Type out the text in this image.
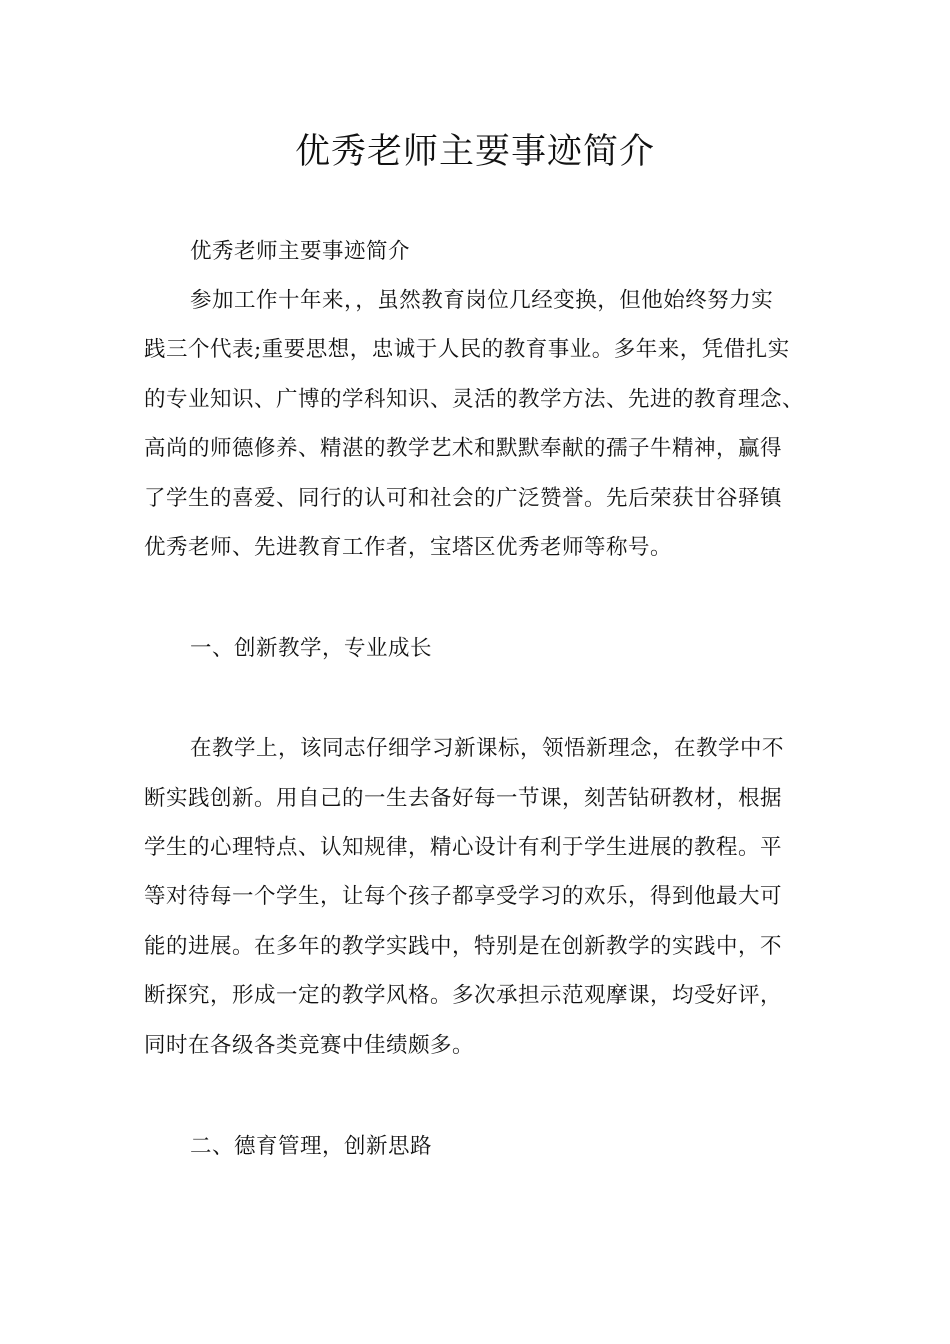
优秀老师主要事迹简介

优秀老师主要事迹简介

参加工作十年来，，虽然教育岗位几经变换，但他始终努力实

践三个代表;重要思想，忠诚于人民的教育事业。多年来，凭借扎实

的专业知识、广博的学科知识、灵活的教学方法、先进的教育理念、

高尚的师德修养、精湛的教学艺术和默默奉献的孺子牛精神，赢得

了学生的喜爱、同行的认可和社会的广泛赞誉。先后荣获甘谷驿镇

优秀老师、先进教育工作者，宝塔区优秀老师等称号。

一、创新教学，专业成长

在教学上，该同志仔细学习新课标，领悟新理念，在教学中不

断实践创新。用自己的一生去备好每一节课，刻苦钻研教材，根据

学生的心理特点、认知规律，精心设计有利于学生进展的教程。平

等对待每一个学生，让每个孩子都享受学习的欢乐，得到他最大可

能的进展。在多年的教学实践中，特别是在创新教学的实践中，不

断探究，形成一定的教学风格。多次承担示范观摩课，均受好评，

同时在各级各类竞赛中佳绩颇多。

二、德育管理，创新思路
